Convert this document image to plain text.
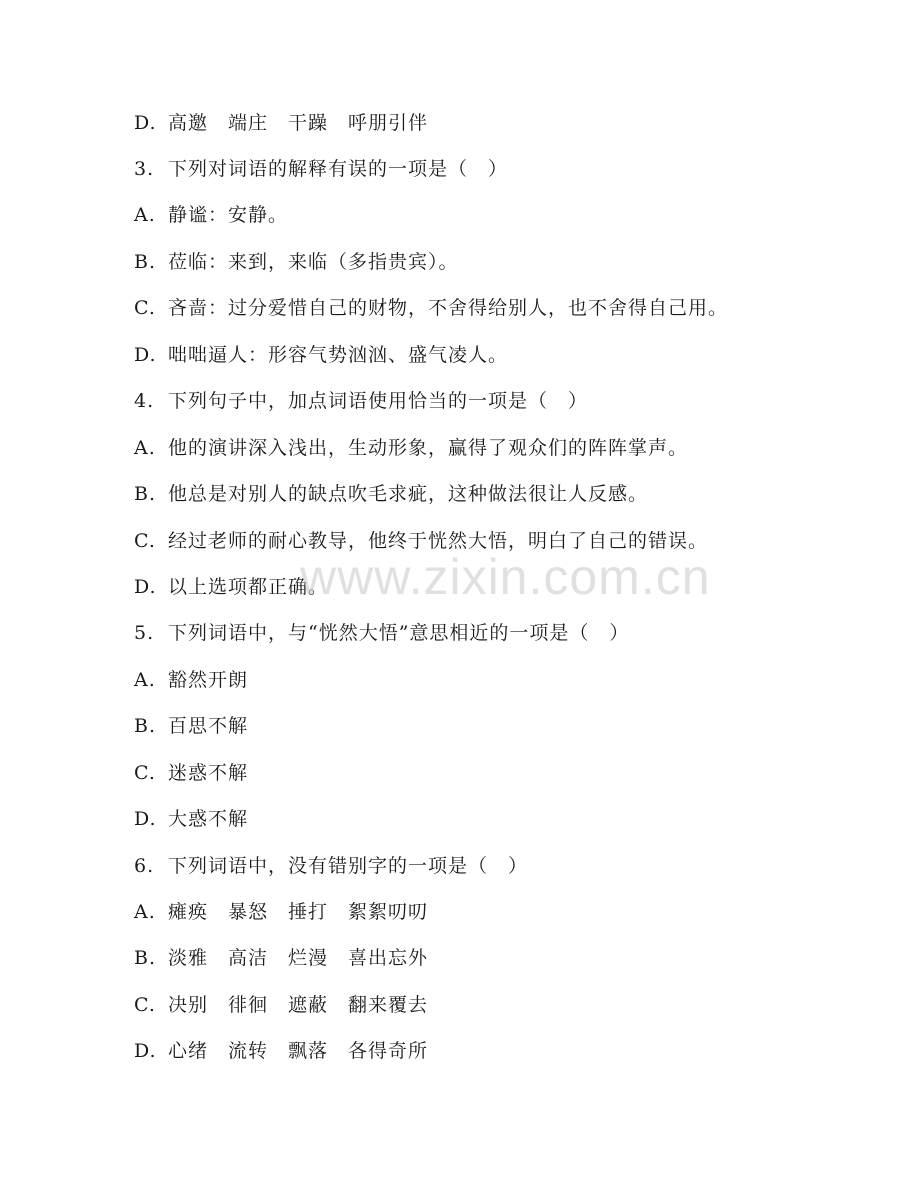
D. 高邀　端庄　干躁　呼朋引伴
3. 下列对词语的解释有误的一项是（　）
A. 静谧：安静。
B. 莅临：来到，来临（多指贵宾）。
C. 吝啬：过分爱惜自己的财物，不舍得给别人，也不舍得自己用。
D. 咄咄逼人：形容气势汹汹、盛气凌人。
4. 下列句子中，加点词语使用恰当的一项是（　）
A. 他的演讲深入浅出，生动形象，赢得了观众们的阵阵掌声。
B. 他总是对别人的缺点吹毛求疵，这种做法很让人反感。
C. 经过老师的耐心教导，他终于恍然大悟，明白了自己的错误。
D. 以上选项都正确。
5. 下列词语中，与“恍然大悟”意思相近的一项是（　）
A. 豁然开朗
B. 百思不解
C. 迷惑不解
D. 大惑不解
6. 下列词语中，没有错别字的一项是（　）
A. 瘫痪　暴怒　捶打　絮絮叨叨
B. 淡雅　高洁　烂漫　喜出忘外
C. 决别　徘徊　遮蔽　翻来覆去
D. 心绪　流转　飘落　各得奇所
www.zixin.com.cn
